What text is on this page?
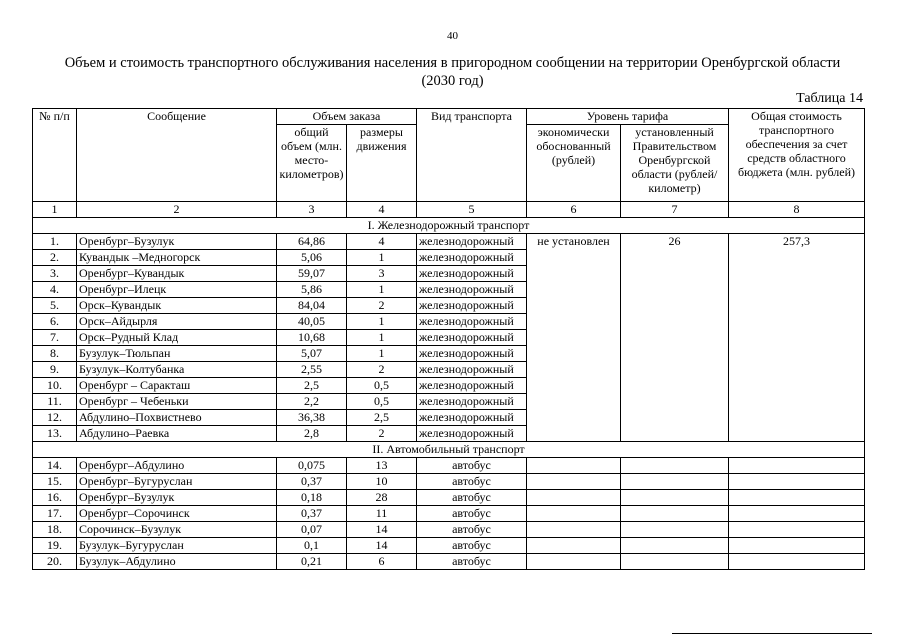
40
Объем и стоимость транспортного обслуживания населения в пригородном сообщении на территории Оренбургской области
(2030 год)
Таблица 14
№ п/п	Сообщение	Объем заказа		Вид транспорта	Уровень тарифа		Общая стоимость транспортного обеспечения за счет средств областного бюджета (млн. рублей)
		общий объем (млн. место-километров)	размеры движения		экономически обоснованный (рублей)	установленный Правительством Оренбургской области (рублей/километр)	
1	2	3	4	5	6	7	8
I. Железнодорожный транспорт							
1.	Оренбург–Бузулук	64,86	4	железнодорожный	не установлен	26	257,3
2.	Кувандык –Медногорск	5,06	1	железнодорожный			
3.	Оренбург–Кувандык	59,07	3	железнодорожный			
4.	Оренбург–Илецк	5,86	1	железнодорожный			
5.	Орск–Кувандык	84,04	2	железнодорожный			
6.	Орск–Айдырля	40,05	1	железнодорожный			
7.	Орск–Рудный Клад	10,68	1	железнодорожный			
8.	Бузулук–Тюльпан	5,07	1	железнодорожный			
9.	Бузулук–Колтубанка	2,55	2	железнодорожный			
10.	Оренбург – Саракташ	2,5	0,5	железнодорожный			
11.	Оренбург – Чебеньки	2,2	0,5	железнодорожный			
12.	Абдулино–Похвистнево	36,38	2,5	железнодорожный			
13.	Абдулино–Раевка	2,8	2	железнодорожный			
II. Автомобильный транспорт							
14.	Оренбург–Абдулино	0,075	13	автобус			
15.	Оренбург–Бугуруслан	0,37	10	автобус			
16.	Оренбург–Бузулук	0,18	28	автобус			
17.	Оренбург–Сорочинск	0,37	11	автобус			
18.	Сорочинск–Бузулук	0,07	14	автобус			
19.	Бузулук–Бугуруслан	0,1	14	автобус			
20.	Бузулук–Абдулино	0,21	6	автобус			
